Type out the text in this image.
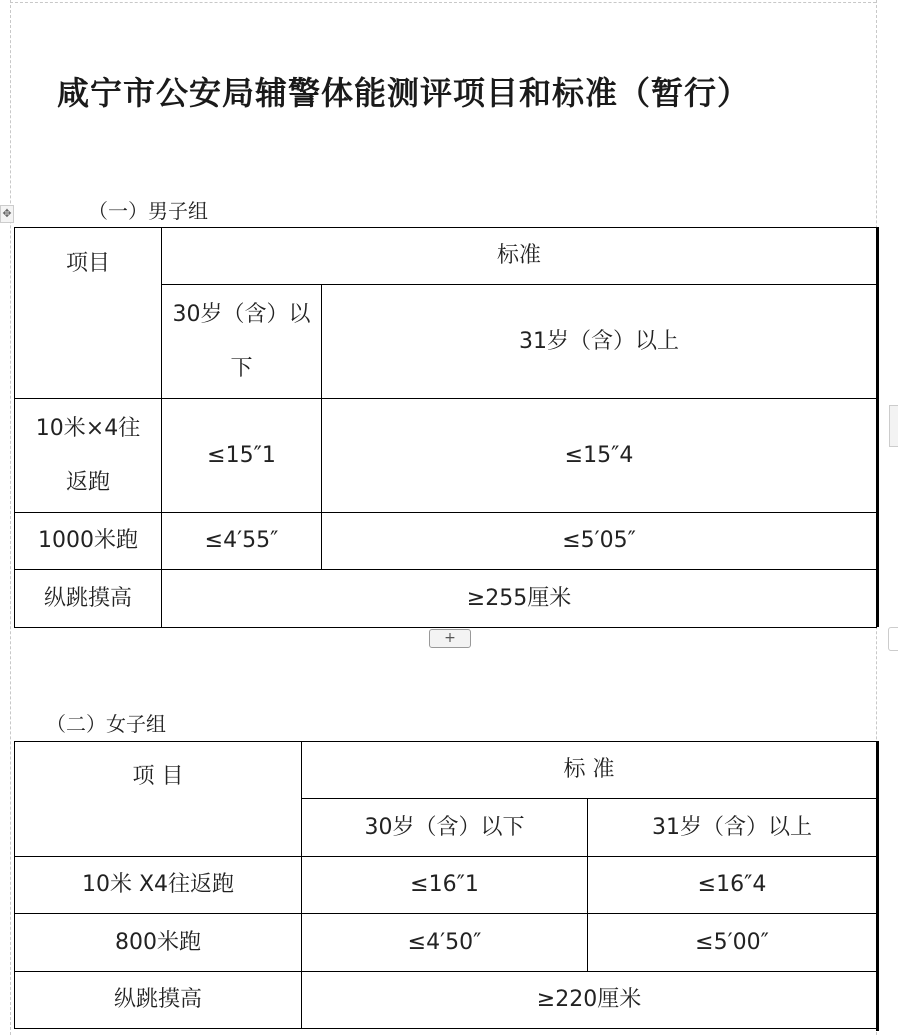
咸宁市公安局辅警体能测评项目和标准（暂行）
✥	（一）男子组
项目	标准	
	30岁（含）以下	31岁（含）以上
10米×4往返跑	≤15″1	≤15″4
1000米跑	≤4′55″	≤5′05″
纵跳摸高	≥255厘米	
+
（二）女子组
项 目	标 准	
	30岁（含）以下	31岁（含）以上
10米 X4往返跑	≤16″1	≤16″4
800米跑	≤4′50″	≤5′00″
纵跳摸高	≥220厘米	
